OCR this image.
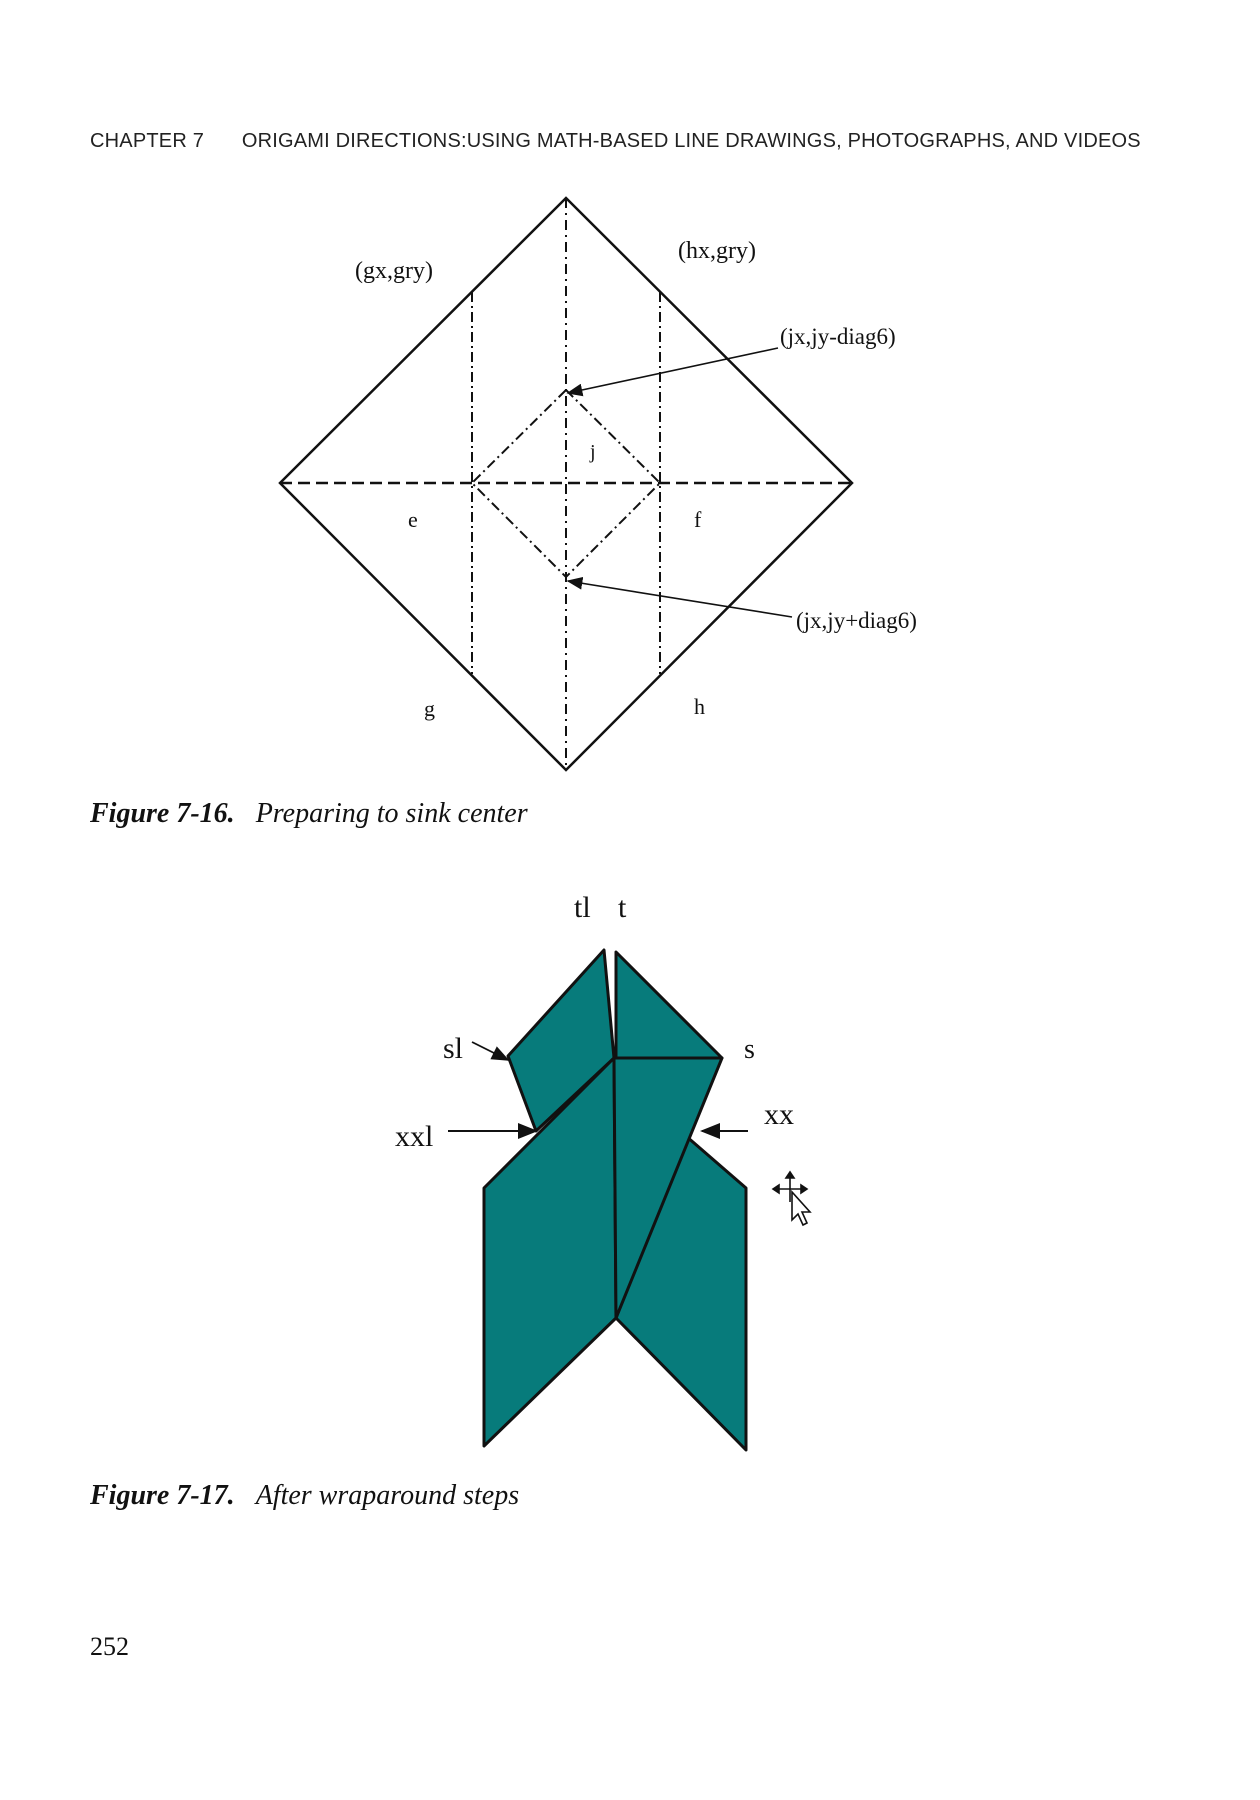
CHAPTER 7 ORIGAMI DIRECTIONS:USING MATH-BASED LINE DRAWINGS, PHOTOGRAPHS, AND VIDEOS
(gx,gry)
(hx,gry)
(jx,jy-diag6)
(jx,jy+diag6)
j
e	f
g	h
Figure 7-16. Preparing to sink center
tl t
sl	s
xxl
xx
Figure 7-17. After wraparound steps
252
